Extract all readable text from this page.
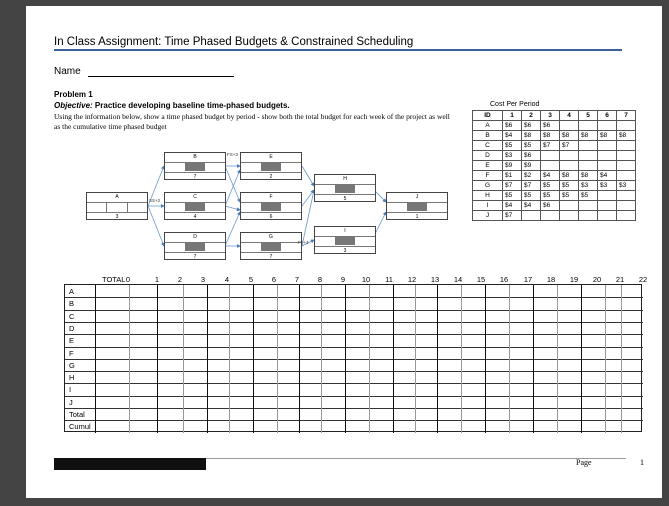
In Class Assignment: Time Phased Budgets & Constrained Scheduling
Name
Problem 1
Objective: Practice developing baseline time-phased budgets.
Using the information below, show a time phased budget by period - show both the total budget for each week of the project as well as the cumulative time phased budget
A
3
B
7
C
4
D
7
E
2
F
6
G
7
H
5
I
3
J
1
SS+2
FS+3
FF+4
Cost Per Period
ID	1	2	3	4	5	6	7
A	$6	$6	$6				
B	$4	$8	$8	$8	$8	$8	$8
C	$5	$5	$7	$7			
D	$3	$6					
E	$9	$9					
F	$1	$2	$4	$8	$8	$4	
G	$7	$7	$5	$5	$3	$3	$3
H	$5	$5	$5	$5	$5		
I	$4	$4	$6				
J	$7						
TOTAL 0	1	2	3	4	5	6	7	8	9 10 11 12 13 14 15 16 17 18 19 20 21 22
A
B
C
D
E
F
G
H
I
J
Total
Cumul
Page	1
